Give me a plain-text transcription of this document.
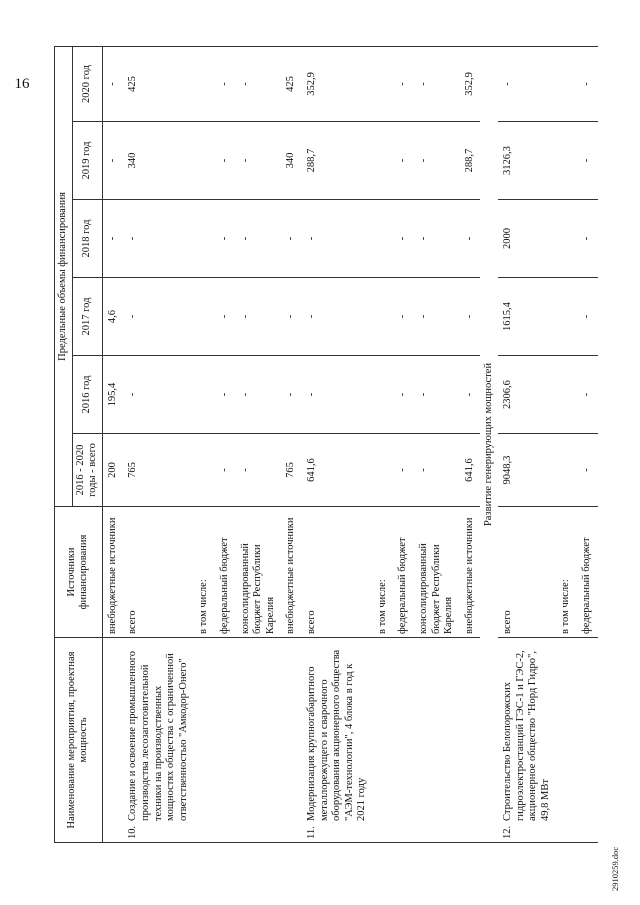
16
Наименование мероприятия, проектная мощность	Источники финансирования	Предельные объемы финансирования					
		2016 - 2020 годы - всего	2016 год	2017 год	2018 год	2019 год	2020 год
	внебюджетные источники	200	195,4	4,6	-	-	-
10.Создание и освоение промышленного производства лесозаготовительной техники на производственных мощностях общества с ограниченной ответственностью "Амкодор-Онего"	всего	765	-	-	-	340	425
	в том числе:						
	федеральный бюджет	-	-	-	-	-	-
	консолидированный бюджет Республики Карелия	-	-	-	-	-	-
	внебюджетные источники	765	-	-	-	340	425
11.Модернизация крупногабаритного металлорежущего и сварочного оборудования акционерного общества "АЭМ-технологии", 4 блока в год к 2021 году	всего	641,6	-	-	-	288,7	352,9
	в том числе:						
	федеральный бюджет	-	-	-	-	-	-
	консолидированный бюджет Республики Карелия	-	-	-	-	-	-
	внебюджетные источники	641,6	-	-	-	288,7	352,9
Развитие генерирующих мощностей							
12.Строительство Белопорожских гидроэлектростанций ГЭС-1 и ГЭС-2, акционерное общество "Норд Гидро", 49,8 МВт	всего	9048,3	2306,6	1615,4	2000	3126,3	-
	в том числе:						
	федеральный бюджет	-	-	-	-	-	-
2910259.doc
